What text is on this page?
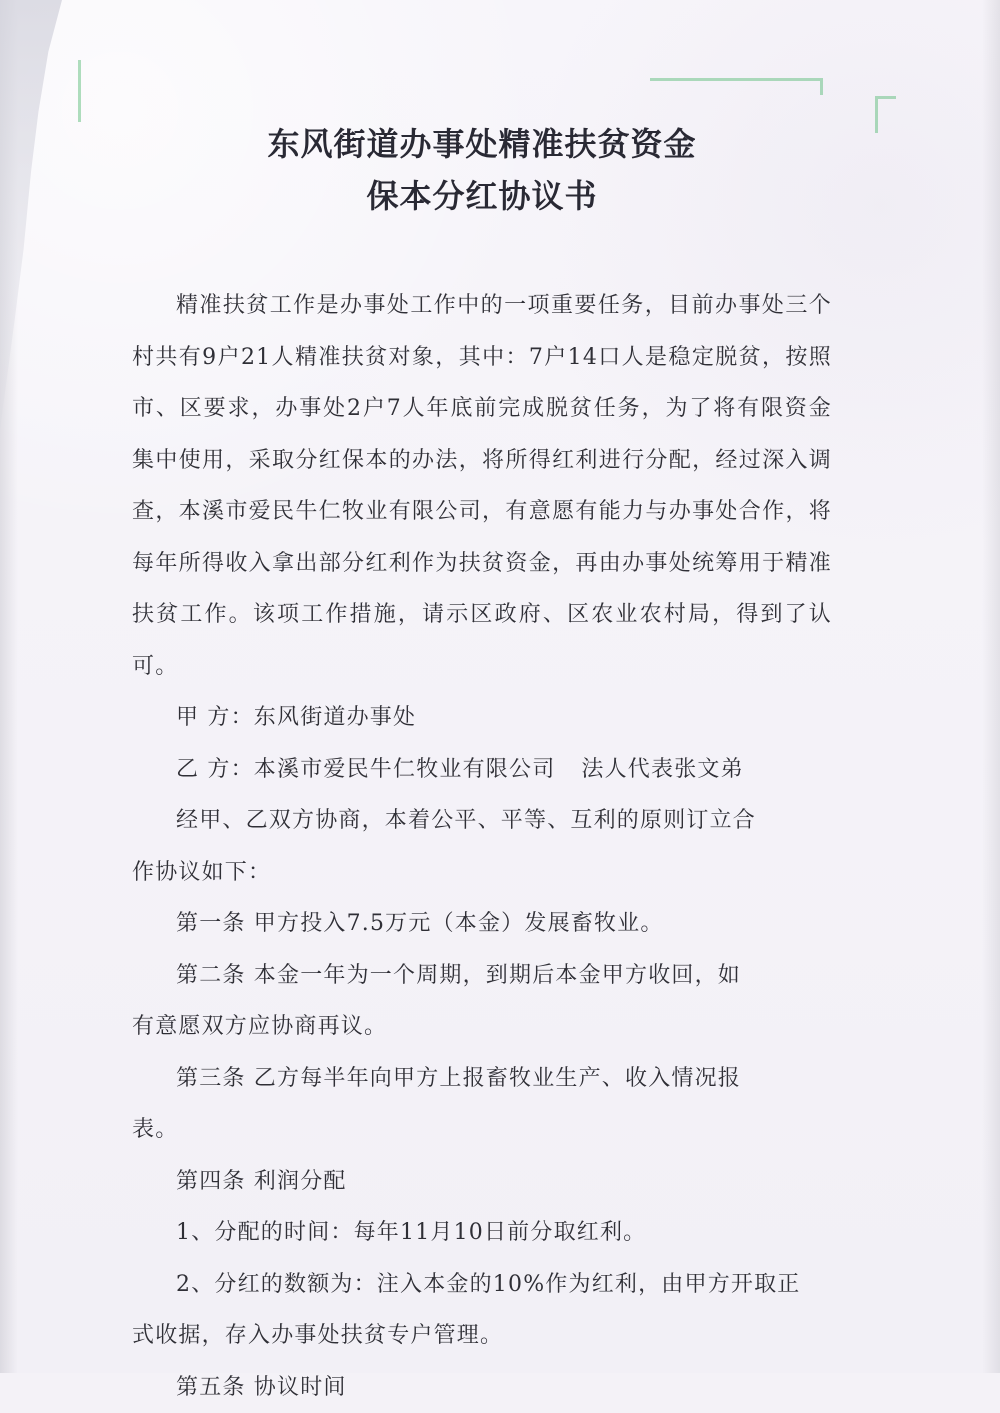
东风街道办事处精准扶贫资金
保本分红协议书

精准扶贫工作是办事处工作中的一项重要任务，目前办事处三个村共有9户21人精准扶贫对象，其中：7户14口人是稳定脱贫，按照市、区要求，办事处2户7人年底前完成脱贫任务，为了将有限资金集中使用，采取分红保本的办法，将所得红利进行分配，经过深入调查，本溪市爱民牛仁牧业有限公司，有意愿有能力与办事处合作，将每年所得收入拿出部分红利作为扶贫资金，再由办事处统筹用于精准扶贫工作。该项工作措施，请示区政府、区农业农村局，得到了认可。

甲 方：东风街道办事处

乙 方：本溪市爱民牛仁牧业有限公司 法人代表张文弟

经甲、乙双方协商，本着公平、平等、互利的原则订立合

作协议如下：

第一条 甲方投入7.5万元（本金）发展畜牧业。

第二条 本金一年为一个周期，到期后本金甲方收回，如

有意愿双方应协商再议。

第三条 乙方每半年向甲方上报畜牧业生产、收入情况报

表。

第四条 利润分配

1、分配的时间：每年11月10日前分取红利。

2、分红的数额为：注入本金的10%作为红利，由甲方开取正

式收据，存入办事处扶贫专户管理。

第五条 协议时间
